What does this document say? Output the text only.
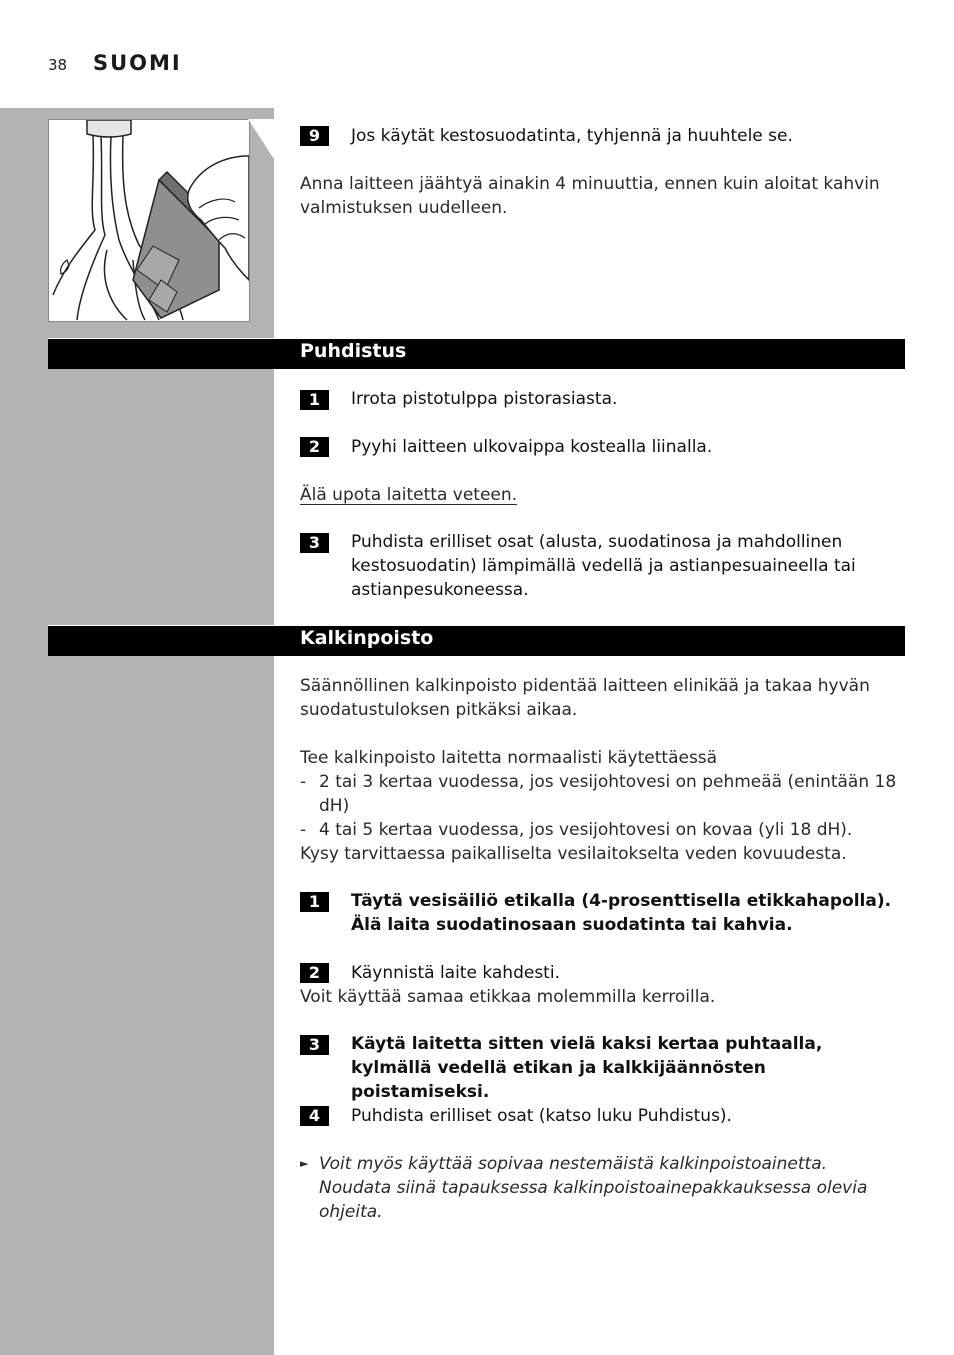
38 SUOMI
9	Jos käytät kestosuodatinta, tyhjennä ja huuhtele se.
Anna laitteen jäähtyä ainakin 4 minuuttia, ennen kuin aloitat kahvin valmistuksen uudelleen.
Puhdistus
1	Irrota pistotulppa pistorasiasta.
2	Pyyhi laitteen ulkovaippa kostealla liinalla.
Älä upota laitetta veteen.
3	Puhdista erilliset osat (alusta, suodatinosa ja mahdollinen kestosuodatin) lämpimällä vedellä ja astianpesuaineella tai astianpesukoneessa.
Kalkinpoisto
Säännöllinen kalkinpoisto pidentää laitteen elinikää ja takaa hyvän suodatustuloksen pitkäksi aikaa.
Tee kalkinpoisto laitetta normaalisti käytettäessä
- 2 tai 3 kertaa vuodessa, jos vesijohtovesi on pehmeää (enintään 18 dH)
- 4 tai 5 kertaa vuodessa, jos vesijohtovesi on kovaa (yli 18 dH).
Kysy tarvittaessa paikalliselta vesilaitokselta veden kovuudesta.
1	Täytä vesisäiliö etikalla (4-prosenttisella etikkahapolla). Älä laita suodatinosaan suodatinta tai kahvia.
2	Käynnistä laite kahdesti.
Voit käyttää samaa etikkaa molemmilla kerroilla.
3	Käytä laitetta sitten vielä kaksi kertaa puhtaalla, kylmällä vedellä etikan ja kalkkijäännösten poistamiseksi.
4	Puhdista erilliset osat (katso luku Puhdistus).
► Voit myös käyttää sopivaa nestemäistä kalkinpoistoainetta. Noudata siinä tapauksessa kalkinpoistoainepakkauksessa olevia ohjeita.
